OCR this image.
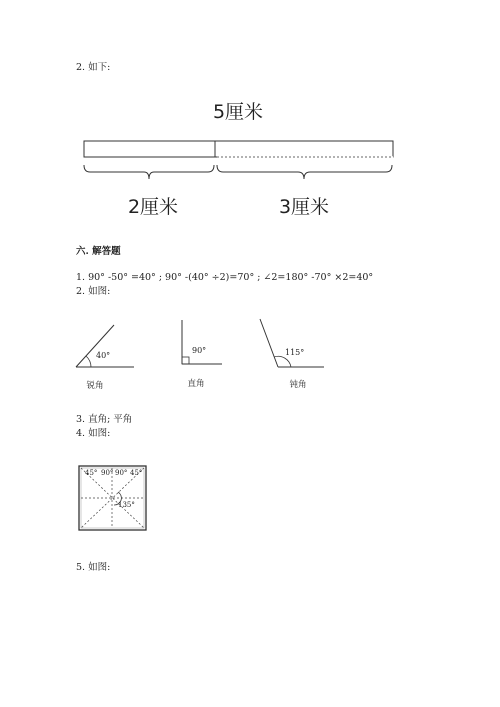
2. 如下:
5厘米
2厘米	3厘米
六. 解答题
1. 90° -50° =40° ; 90° -(40° ÷2)=70° ; ∠2=180° -70° ×2=40°
2. 如图:
40°
锐角
90°
直角
115°
钝角
3. 直角; 平角
4. 如图:
45° 90° 90° 45°
135°
5. 如图:
